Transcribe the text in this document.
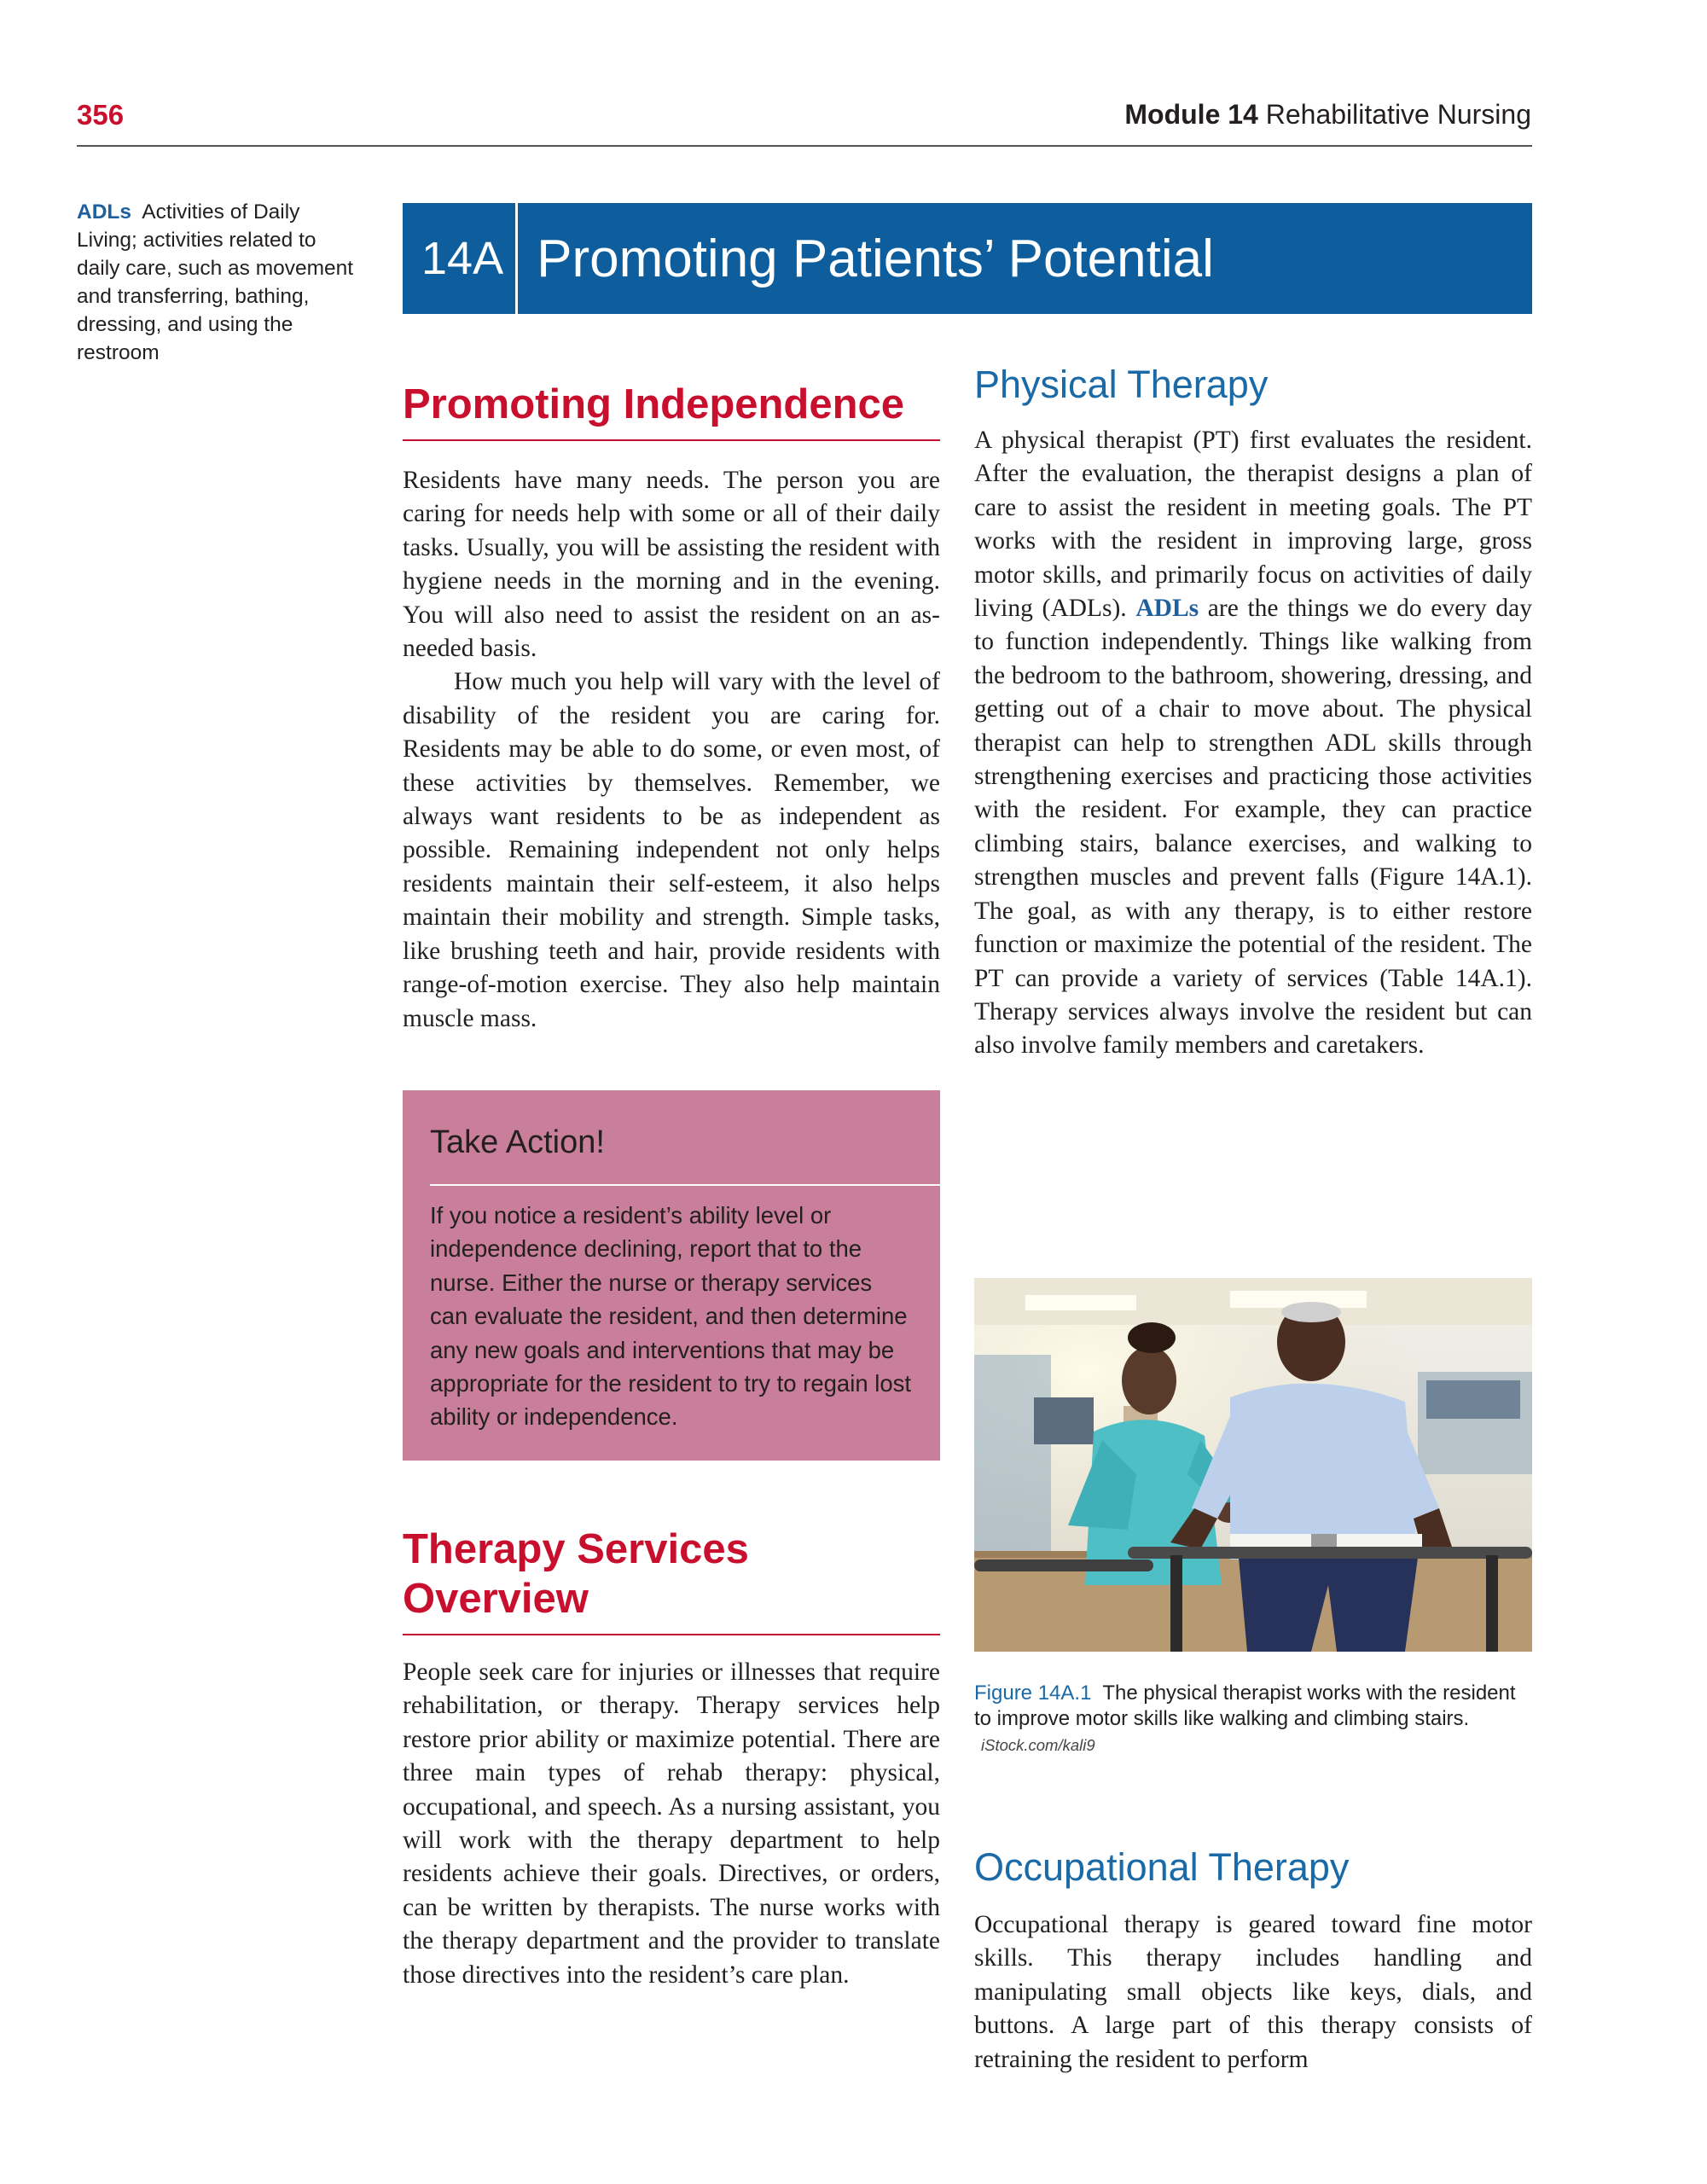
356	Module 14 Rehabilitative Nursing
ADLs Activities of Daily Living; activities related to daily care, such as movement and transferring, bathing, dressing, and using the restroom
14A Promoting Patients’ Potential
Promoting Independence

Residents have many needs. The person you are caring for needs help with some or all of their daily tasks. Usually, you will be assisting the resident with hygiene needs in the morning and in the evening. You will also need to assist the resident on an as-needed basis.

How much you help will vary with the level of disability of the resident you are caring for. Residents may be able to do some, or even most, of these activities by themselves. Remember, we always want residents to be as independent as possible. Remaining independent not only helps residents maintain their self-esteem, it also helps maintain their mobility and strength. Simple tasks, like brushing teeth and hair, provide residents with range-of-motion exercise. They also help maintain muscle mass.

Take Action!
If you notice a resident’s ability level or independence declining, report that to the nurse. Either the nurse or therapy services can evaluate the resident, and then determine any new goals and interventions that may be appropriate for the resident to try to regain lost ability or independence.
Therapy Services
Overview

People seek care for injuries or illnesses that require rehabilitation, or therapy. Therapy services help restore prior ability or maximize potential. There are three main types of rehab therapy: physical, occupational, and speech. As a nursing assistant, you will work with the therapy department to help residents achieve their goals. Directives, or orders, can be written by therapists. The nurse works with the therapy department and the provider to translate those directives into the resident’s care plan.

Physical Therapy

A physical therapist (PT) first evaluates the resident. After the evaluation, the therapist designs a plan of care to assist the resident in meeting goals. The PT works with the resident in improving large, gross motor skills, and primarily focus on activities of daily living (ADLs). ADLs are the things we do every day to function independently. Things like walking from the bedroom to the bathroom, showering, dressing, and getting out of a chair to move about. The physical therapist can help to strengthen ADL skills through strengthening exercises and practicing those activities with the resident. For example, they can practice climbing stairs, balance exercises, and walking to strengthen muscles and prevent falls (Figure 14A.1). The goal, as with any therapy, is to either restore function or maximize the potential of the resident. The PT can provide a variety of services (Table 14A.1). Therapy services always involve the resident but can also involve family members and caretakers.

Figure 14A.1 The physical therapist works with the resident to improve motor skills like walking and climbing stairs. iStock.com/kali9
Occupational Therapy

Occupational therapy is geared toward fine motor skills. This therapy includes handling and manipulating small objects like keys, dials, and buttons. A large part of this therapy consists of retraining the resident to perform
